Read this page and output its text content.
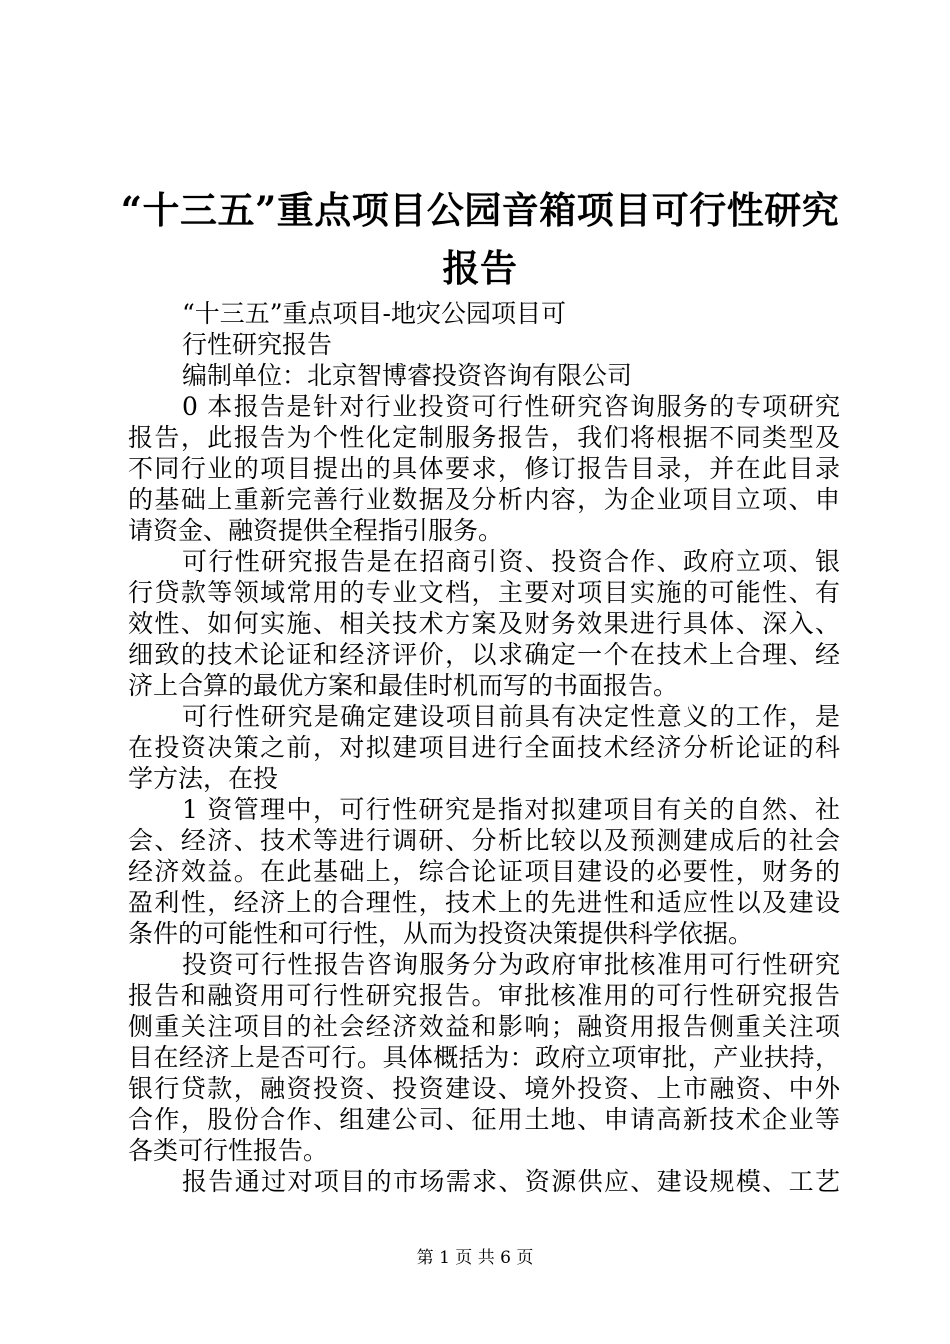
“十三五”重点项目公园音箱项目可行性研究
报告
“十三五”重点项目-地灾公园项目可
行性研究报告
编制单位：北京智博睿投资咨询有限公司
0 本报告是针对行业投资可行性研究咨询服务的专项研究
报告，此报告为个性化定制服务报告，我们将根据不同类型及
不同行业的项目提出的具体要求，修订报告目录，并在此目录
的基础上重新完善行业数据及分析内容，为企业项目立项、申
请资金、融资提供全程指引服务。
可行性研究报告是在招商引资、投资合作、政府立项、银
行贷款等领域常用的专业文档，主要对项目实施的可能性、有
效性、如何实施、相关技术方案及财务效果进行具体、深入、
细致的技术论证和经济评价，以求确定一个在技术上合理、经
济上合算的最优方案和最佳时机而写的书面报告。
可行性研究是确定建设项目前具有决定性意义的工作，是
在投资决策之前，对拟建项目进行全面技术经济分析论证的科
学方法，在投
1 资管理中，可行性研究是指对拟建项目有关的自然、社
会、经济、技术等进行调研、分析比较以及预测建成后的社会
经济效益。在此基础上，综合论证项目建设的必要性，财务的
盈利性，经济上的合理性，技术上的先进性和适应性以及建设
条件的可能性和可行性，从而为投资决策提供科学依据。
投资可行性报告咨询服务分为政府审批核准用可行性研究
报告和融资用可行性研究报告。审批核准用的可行性研究报告
侧重关注项目的社会经济效益和影响；融资用报告侧重关注项
目在经济上是否可行。具体概括为：政府立项审批，产业扶持，
银行贷款，融资投资、投资建设、境外投资、上市融资、中外
合作，股份合作、组建公司、征用土地、申请高新技术企业等
各类可行性报告。
报告通过对项目的市场需求、资源供应、建设规模、工艺
第 1 页 共 6 页
